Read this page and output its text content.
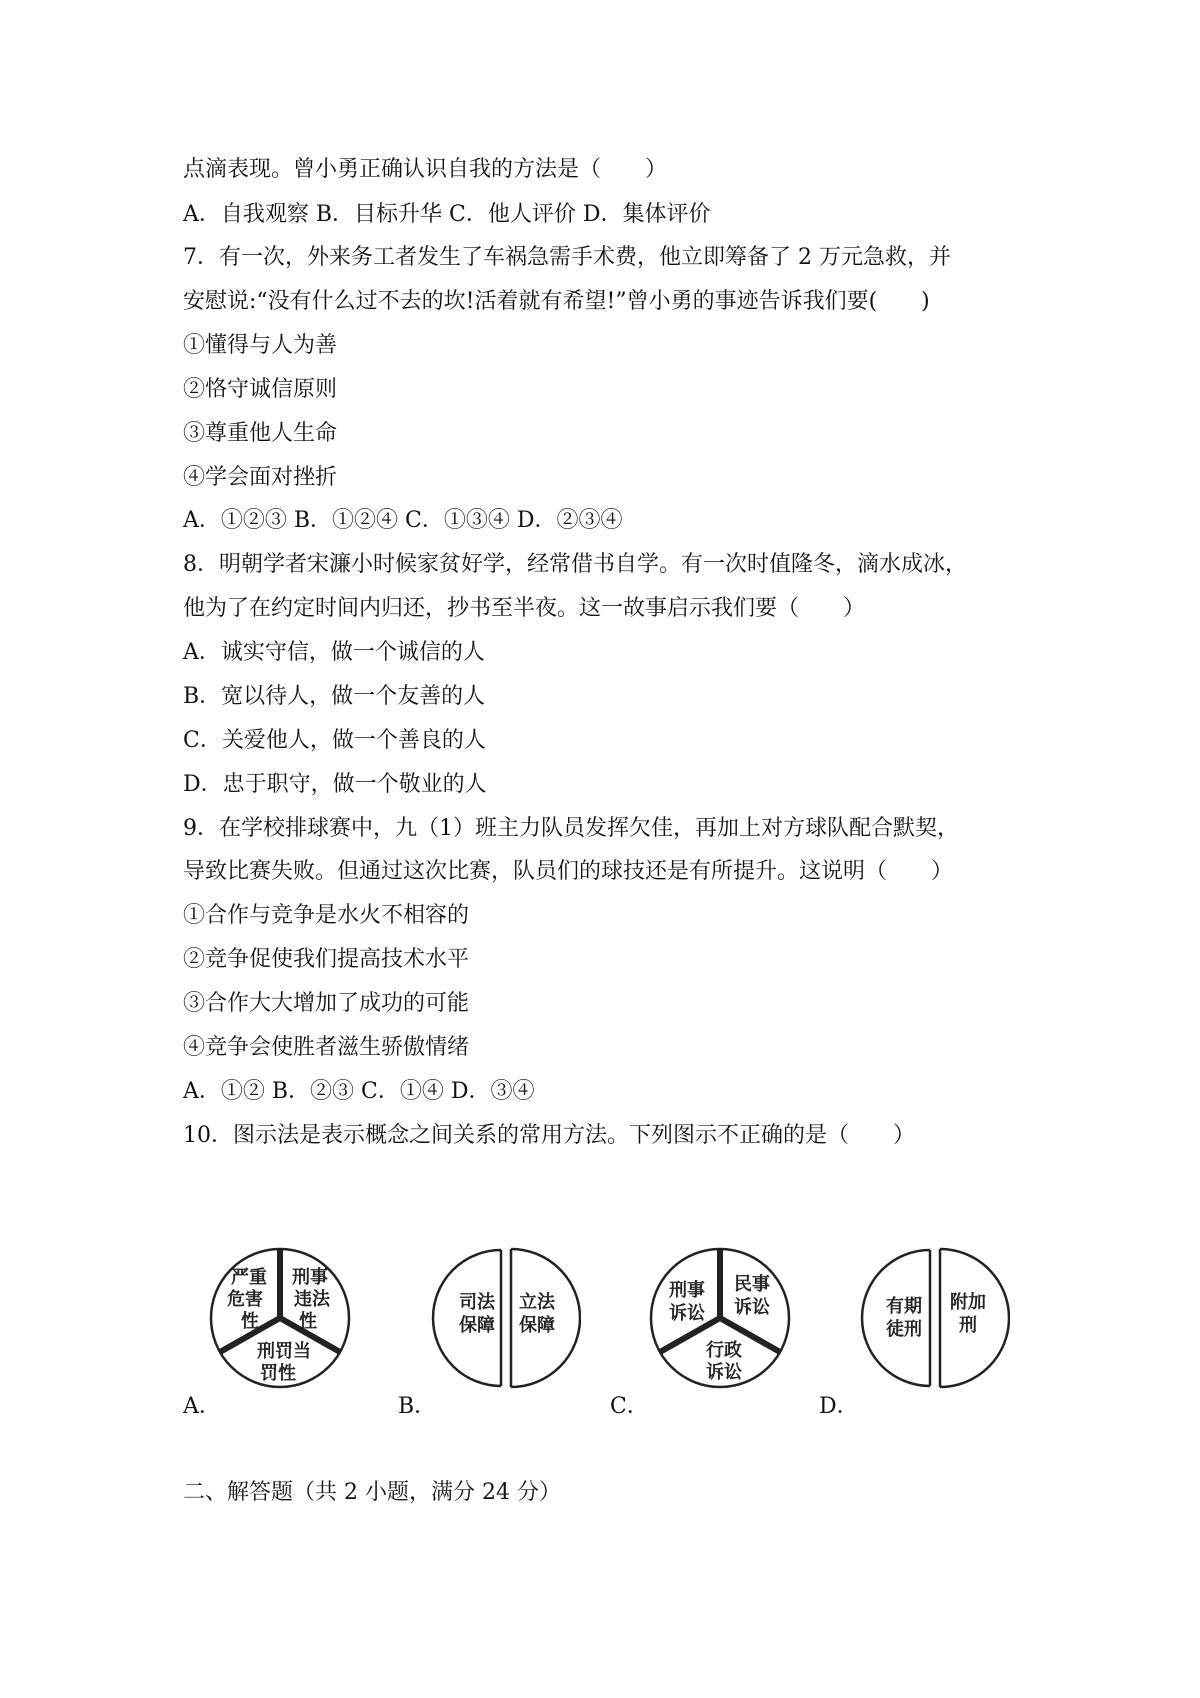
点滴表现。曾小勇正确认识自我的方法是（　　）
A．自我观察 B．目标升华 C．他人评价 D．集体评价
7．有一次，外来务工者发生了车祸急需手术费，他立即筹备了 2 万元急救，并
安慰说:“没有什么过不去的坎!活着就有希望!”曾小勇的事迹告诉我们要(　　)
①懂得与人为善
②恪守诚信原则
③尊重他人生命
④学会面对挫折
A．①②③ B．①②④ C．①③④ D．②③④
8．明朝学者宋濂小时候家贫好学，经常借书自学。有一次时值隆冬，滴水成冰，
他为了在约定时间内归还，抄书至半夜。这一故事启示我们要（　　）
A．诚实守信，做一个诚信的人
B．宽以待人，做一个友善的人
C．关爱他人，做一个善良的人
D．忠于职守，做一个敬业的人
9．在学校排球赛中，九（1）班主力队员发挥欠佳，再加上对方球队配合默契，
导致比赛失败。但通过这次比赛，队员们的球技还是有所提升。这说明（　　）
①合作与竞争是水火不相容的
②竞争促使我们提高技术水平
③合作大大增加了成功的可能
④竞争会使胜者滋生骄傲情绪
A．①② B．②③ C．①④ D．③④
10．图示法是表示概念之间关系的常用方法。下列图示不正确的是（　　）
A．
严重
危害
性
刑事
违法
性
刑罚当
罚性
B．
司法
保障
立法
保障
C．
刑事
诉讼
民事
诉讼
行政
诉讼
D．
有期
徒刑
附加
刑
二、解答题（共 2 小题，满分 24 分）
